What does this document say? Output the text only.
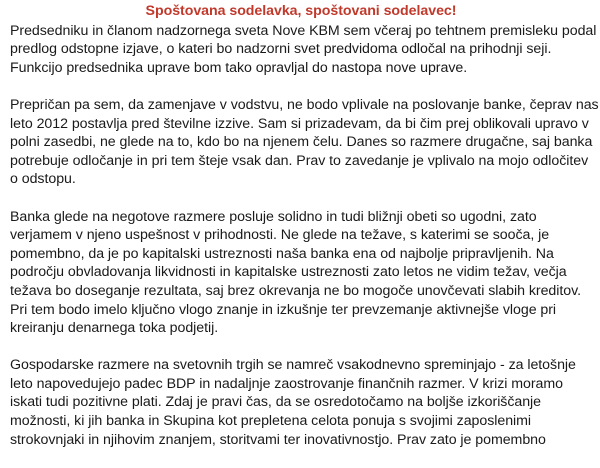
Spoštovana sodelavka, spoštovani sodelavec!
Predsedniku in članom nadzornega sveta Nove KBM sem včeraj po tehtnem premisleku podal
predlog odstopne izjave, o kateri bo nadzorni svet predvidoma odločal na prihodnji seji.
Funkcijo predsednika uprave bom tako opravljal do nastopa nove uprave.
Prepričan pa sem, da zamenjave v vodstvu, ne bodo vplivale na poslovanje banke, čeprav nas
leto 2012 postavlja pred številne izzive. Sam si prizadevam, da bi čim prej oblikovali upravo v
polni zasedbi, ne glede na to, kdo bo na njenem čelu. Danes so razmere drugačne, saj banka
potrebuje odločanje in pri tem šteje vsak dan. Prav to zavedanje je vplivalo na mojo odločitev
o odstopu.
Banka glede na negotove razmere posluje solidno in tudi bližnji obeti so ugodni, zato
verjamem v njeno uspešnost v prihodnosti. Ne glede na težave, s katerimi se sooča, je
pomembno, da je po kapitalski ustreznosti naša banka ena od najbolje pripravljenih. Na
področju obvladovanja likvidnosti in kapitalske ustreznosti zato letos ne vidim težav, večja
težava bo doseganje rezultata, saj brez okrevanja ne bo mogoče unovčevati slabih kreditov.
Pri tem bodo imelo ključno vlogo znanje in izkušnje ter prevzemanje aktivnejše vloge pri
kreiranju denarnega toka podjetij.
Gospodarske razmere na svetovnih trgih se namreč vsakodnevno spreminjajo - za letošnje
leto napovedujejo padec BDP in nadaljnje zaostrovanje finančnih razmer. V krizi moramo
iskati tudi pozitivne plati. Zdaj je pravi čas, da se osredotočamo na boljše izkoriščanje
možnosti, ki jih banka in Skupina kot prepletena celota ponuja s svojimi zaposlenimi
strokovnjaki in njihovim znanjem, storitvami ter inovativnostjo. Prav zato je pomembno
